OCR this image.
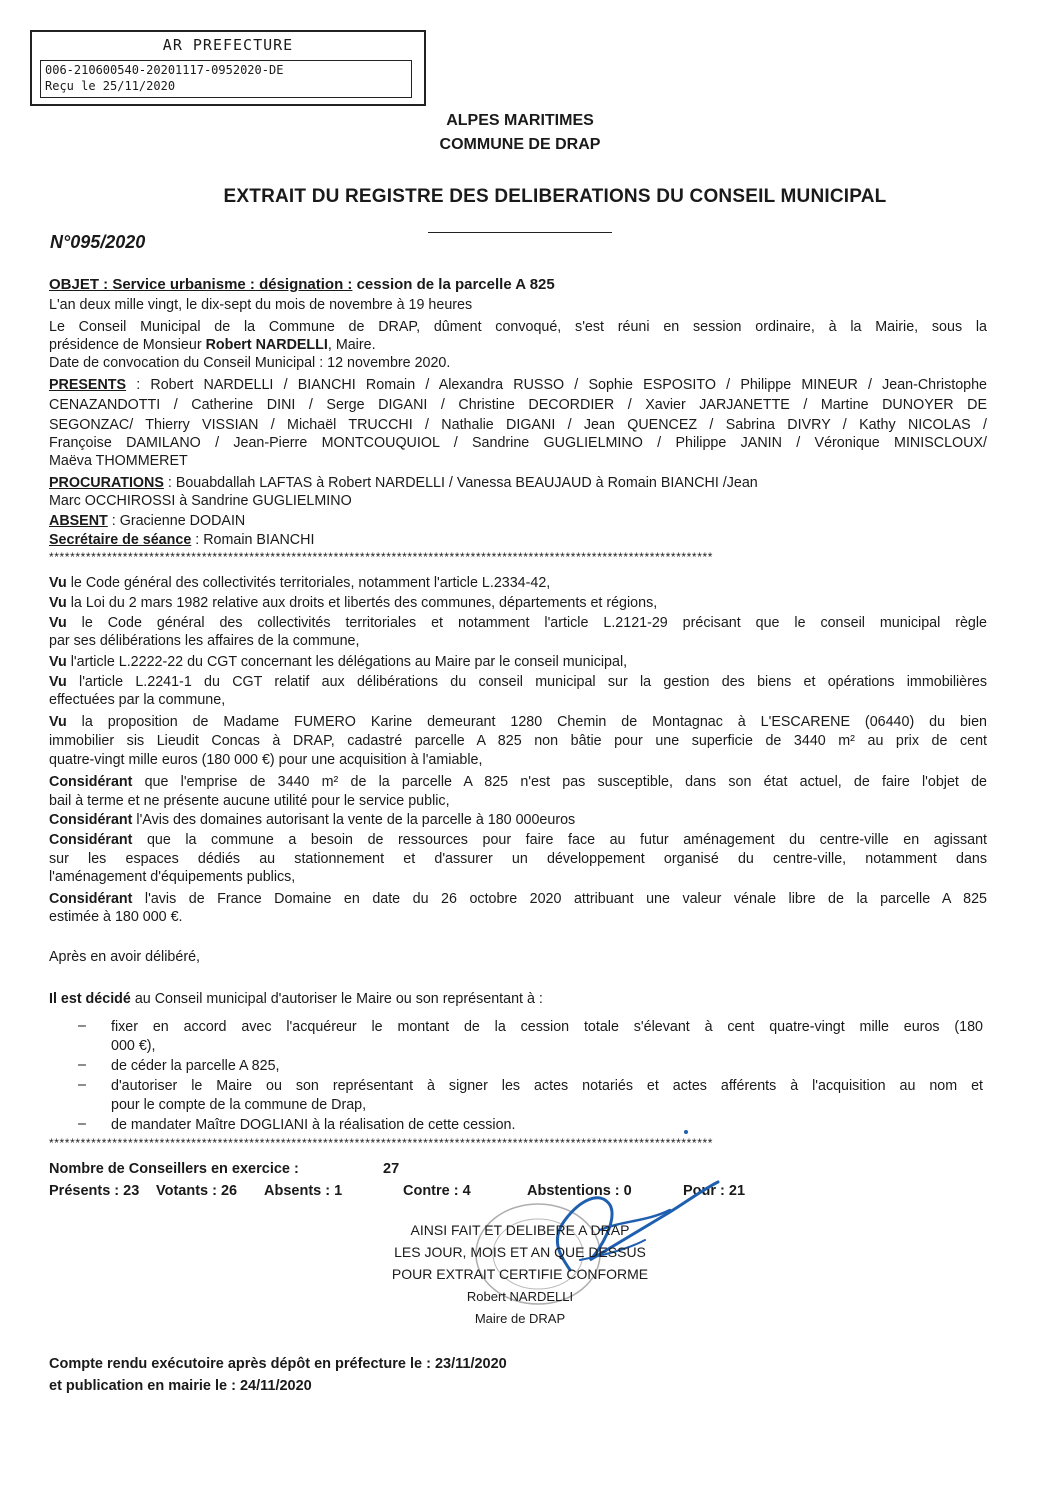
AR PREFECTURE
006-210600540-20201117-0952020-DE
Reçu le 25/11/2020
ALPES MARITIMES
COMMUNE DE DRAP
EXTRAIT DU REGISTRE DES DELIBERATIONS DU CONSEIL MUNICIPAL
N°095/2020
OBJET : Service urbanisme : désignation : cession de la parcelle A 825
L'an deux mille vingt, le dix-sept du mois de novembre à 19 heures
Le Conseil Municipal de la Commune de DRAP, dûment convoqué, s'est réuni en session ordinaire, à la Mairie, sous la
présidence de Monsieur Robert NARDELLI, Maire.
Date de convocation du Conseil Municipal : 12 novembre 2020.
PRESENTS : Robert NARDELLI / BIANCHI Romain / Alexandra RUSSO / Sophie ESPOSITO / Philippe MINEUR / Jean-Christophe
CENAZANDOTTI / Catherine DINI / Serge DIGANI / Christine DECORDIER / Xavier JARJANETTE / Martine DUNOYER DE
SEGONZAC/ Thierry VISSIAN / Michaël TRUCCHI / Nathalie DIGANI / Jean QUENCEZ / Sabrina DIVRY / Kathy NICOLAS /
Françoise DAMILANO / Jean-Pierre MONTCOUQUIOL / Sandrine GUGLIELMINO / Philippe JANIN / Véronique MINISCLOUX/
Maëva THOMMERET
PROCURATIONS : Bouabdallah LAFTAS à Robert NARDELLI / Vanessa BEAUJAUD à Romain BIANCHI /Jean
Marc OCCHIROSSI à Sandrine GUGLIELMINO
ABSENT : Gracienne DODAIN
Secrétaire de séance : Romain BIANCHI
******************************************************************************************************************************
Vu le Code général des collectivités territoriales, notamment l'article L.2334-42,
Vu la Loi du 2 mars 1982 relative aux droits et libertés des communes, départements et régions,
Vu le Code général des collectivités territoriales et notamment l'article L.2121-29 précisant que le conseil municipal règle
par ses délibérations les affaires de la commune,
Vu l'article L.2222-22 du CGT concernant les délégations au Maire par le conseil municipal,
Vu l'article L.2241-1 du CGT relatif aux délibérations du conseil municipal sur la gestion des biens et opérations immobilières
effectuées par la commune,
Vu la proposition de Madame FUMERO Karine demeurant 1280 Chemin de Montagnac à L'ESCARENE (06440) du bien
immobilier sis Lieudit Concas à DRAP, cadastré parcelle A 825 non bâtie pour une superficie de 3440 m² au prix de cent
quatre-vingt mille euros (180 000 €) pour une acquisition à l'amiable,
Considérant que l'emprise de 3440 m² de la parcelle A 825 n'est pas susceptible, dans son état actuel, de faire l'objet de
bail à terme et ne présente aucune utilité pour le service public,
Considérant l'Avis des domaines autorisant la vente de la parcelle à 180 000euros
Considérant que la commune a besoin de ressources pour faire face au futur aménagement du centre-ville en agissant
sur les espaces dédiés au stationnement et d'assurer un développement organisé du centre-ville, notamment dans
l'aménagement d'équipements publics,
Considérant l'avis de France Domaine en date du 26 octobre 2020 attribuant une valeur vénale libre de la parcelle A 825
estimée à 180 000 €.
Après en avoir délibéré,
Il est décidé au Conseil municipal d'autoriser le Maire ou son représentant à :
– fixer en accord avec l'acquéreur le montant de la cession totale s'élevant à cent quatre-vingt mille euros (180
000 €),
– de céder la parcelle A 825,
– d'autoriser le Maire ou son représentant à signer les actes notariés et actes afférents à l'acquisition au nom et
pour le compte de la commune de Drap,
– de mandater Maître DOGLIANI à la réalisation de cette cession.
******************************************************************************************************************************
Nombre de Conseillers en exercice :	27
Présents : 23 Votants : 26 Absents : 1	Contre : 4	Abstentions : 0	Pour : 21
AINSI FAIT ET DELIBERE A DRAP
LES JOUR, MOIS ET AN QUE DESSUS
POUR EXTRAIT CERTIFIE CONFORME
Robert NARDELLI
Maire de DRAP
Compte rendu exécutoire après dépôt en préfecture le : 23/11/2020
et publication en mairie le : 24/11/2020
